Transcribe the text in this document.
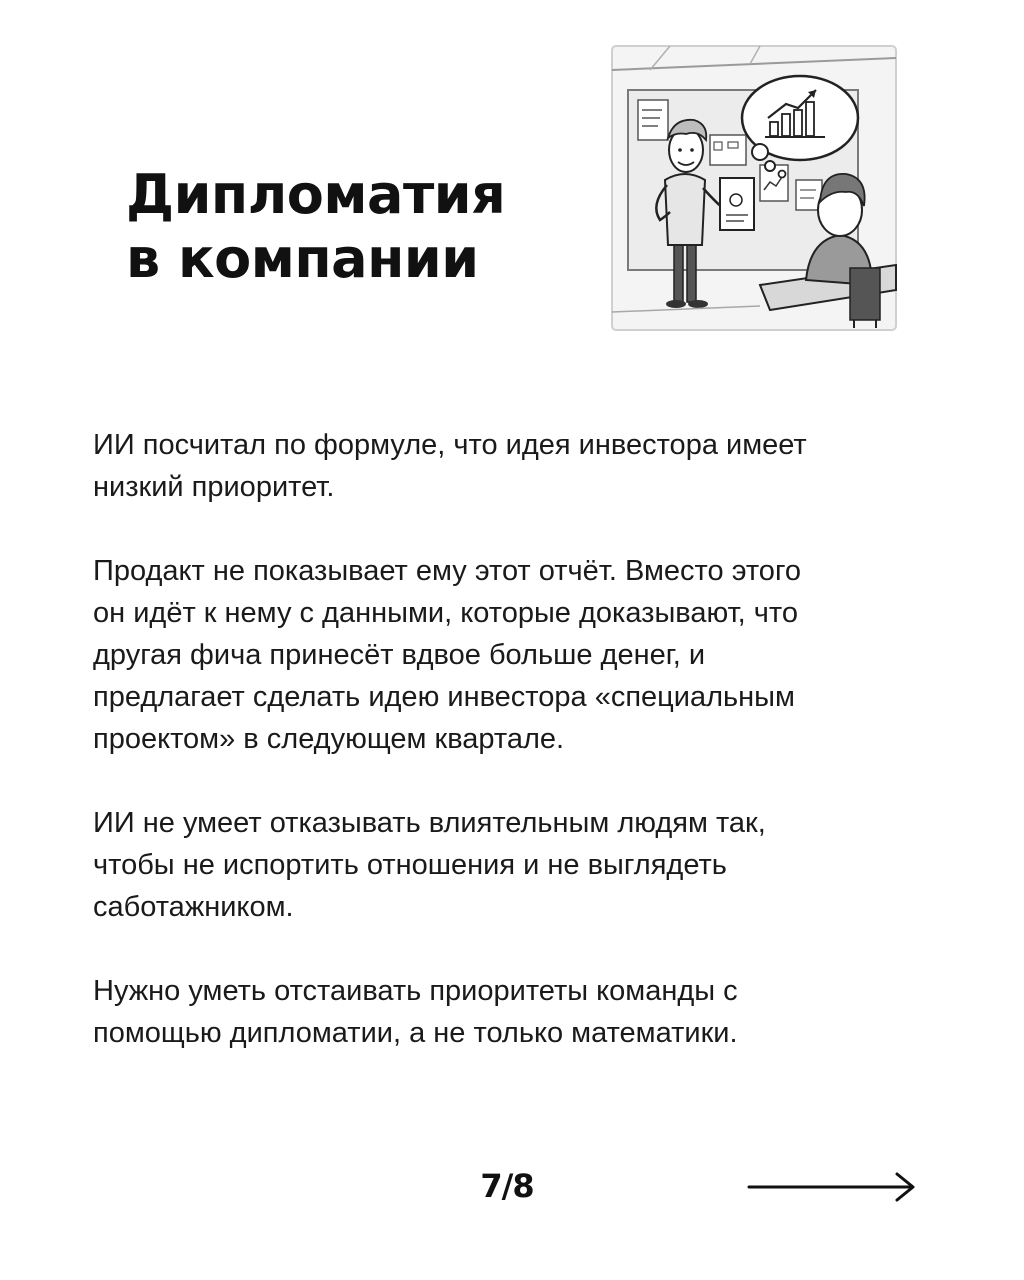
Дипломатия
в компании

ИИ посчитал по формуле, что идея инвестора имеет
низкий приоритет.

Продакт не показывает ему этот отчёт. Вместо этого
он идёт к нему с данными, которые доказывают, что
другая фича принесёт вдвое больше денег, и
предлагает сделать идею инвестора «специальным
проектом» в следующем квартале.

ИИ не умеет отказывать влиятельным людям так,
чтобы не испортить отношения и не выглядеть
саботажником.

Нужно уметь отстаивать приоритеты команды с
помощью дипломатии, а не только математики.

7/8
